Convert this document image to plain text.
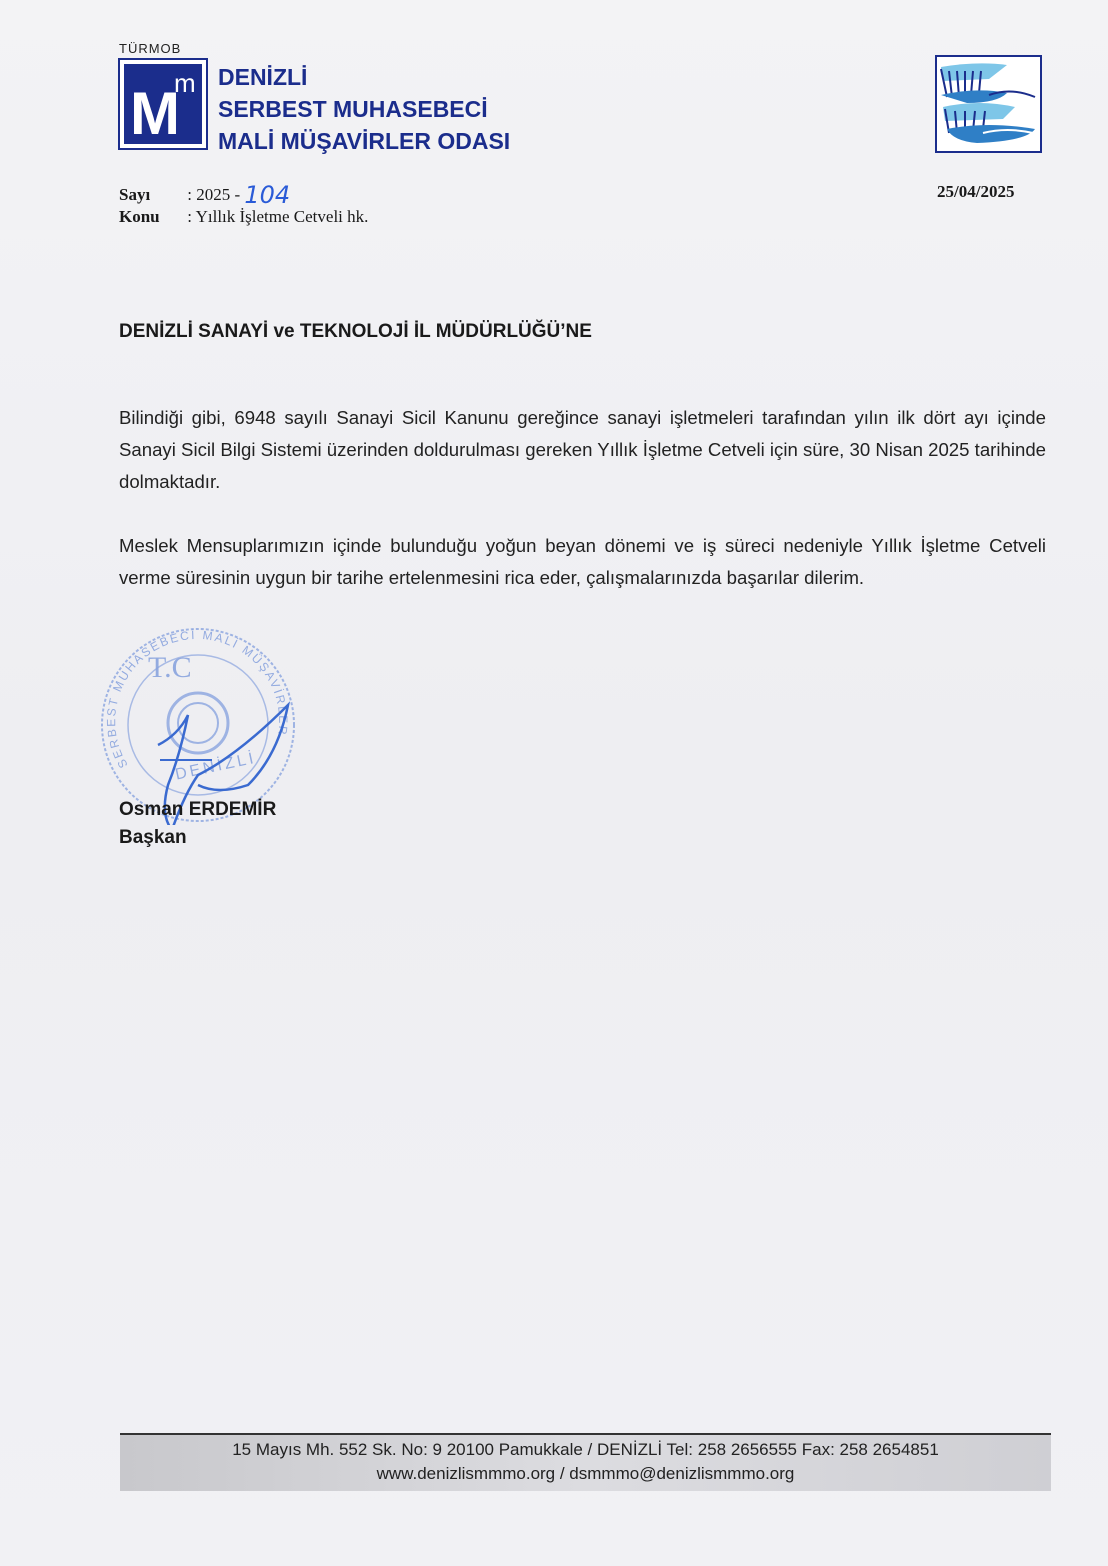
TÜRMOB
M
m DENİZLİ
SERBEST MUHASEBECİ
MALİ MÜŞAVİRLER ODASI
Sayı : 2025 - 104
Konu : Yıllık İşletme Cetveli hk.
25/04/2025
DENİZLİ SANAYİ ve TEKNOLOJİ İL MÜDÜRLÜĞÜ’NE
Bilindiği gibi, 6948 sayılı Sanayi Sicil Kanunu gereğince sanayi işletmeleri tarafından yılın ilk dört ayı içinde Sanayi Sicil Bilgi Sistemi üzerinden doldurulması gereken Yıllık İşletme Cetveli için süre, 30 Nisan 2025 tarihinde dolmaktadır.
Meslek Mensuplarımızın içinde bulunduğu yoğun beyan dönemi ve iş süreci nedeniyle Yıllık İşletme Cetveli verme süresinin uygun bir tarihe ertelenmesini rica eder, çalışmalarınızda başarılar dilerim.
T.C
SERBEST MUHASEBECİ MALİ MÜŞAVİRLER
DENİZLİ
Osman ERDEMİR
Başkan
15 Mayıs Mh. 552 Sk. No: 9 20100 Pamukkale / DENİZLİ Tel: 258 2656555 Fax: 258 2654851
www.denizlismmmo.org / dsmmmo@denizlismmmo.org
